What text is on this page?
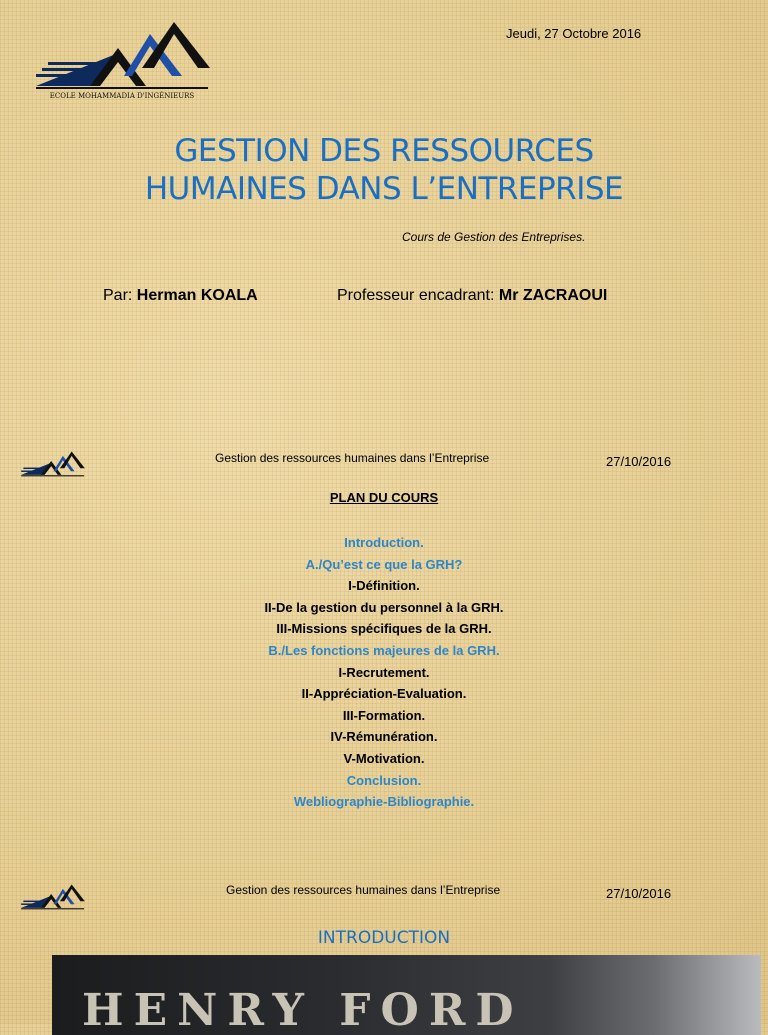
ECOLE MOHAMMADIA D'INGÉNIEURS
Jeudi, 27 Octobre 2016
GESTION DES RESSOURCES
HUMAINES DANS L’ENTREPRISE
Cours de Gestion des Entreprises.
Par: Herman KOALA	Professeur encadrant: Mr ZACRAOUI
Gestion des ressources humaines dans l’Entreprise	27/10/2016
PLAN DU COURS
Introduction.
A./Qu’est ce que la GRH?
I-Définition.
II-De la gestion du personnel à la GRH.
III-Missions spécifiques de la GRH.
B./Les fonctions majeures de la GRH.
I-Recrutement.
II-Appréciation-Evaluation.
III-Formation.
IV-Rémunération.
V-Motivation.
Conclusion.
Webliographie-Bibliographie.
Gestion des ressources humaines dans l’Entreprise	27/10/2016
INTRODUCTION
HENRY FORD
